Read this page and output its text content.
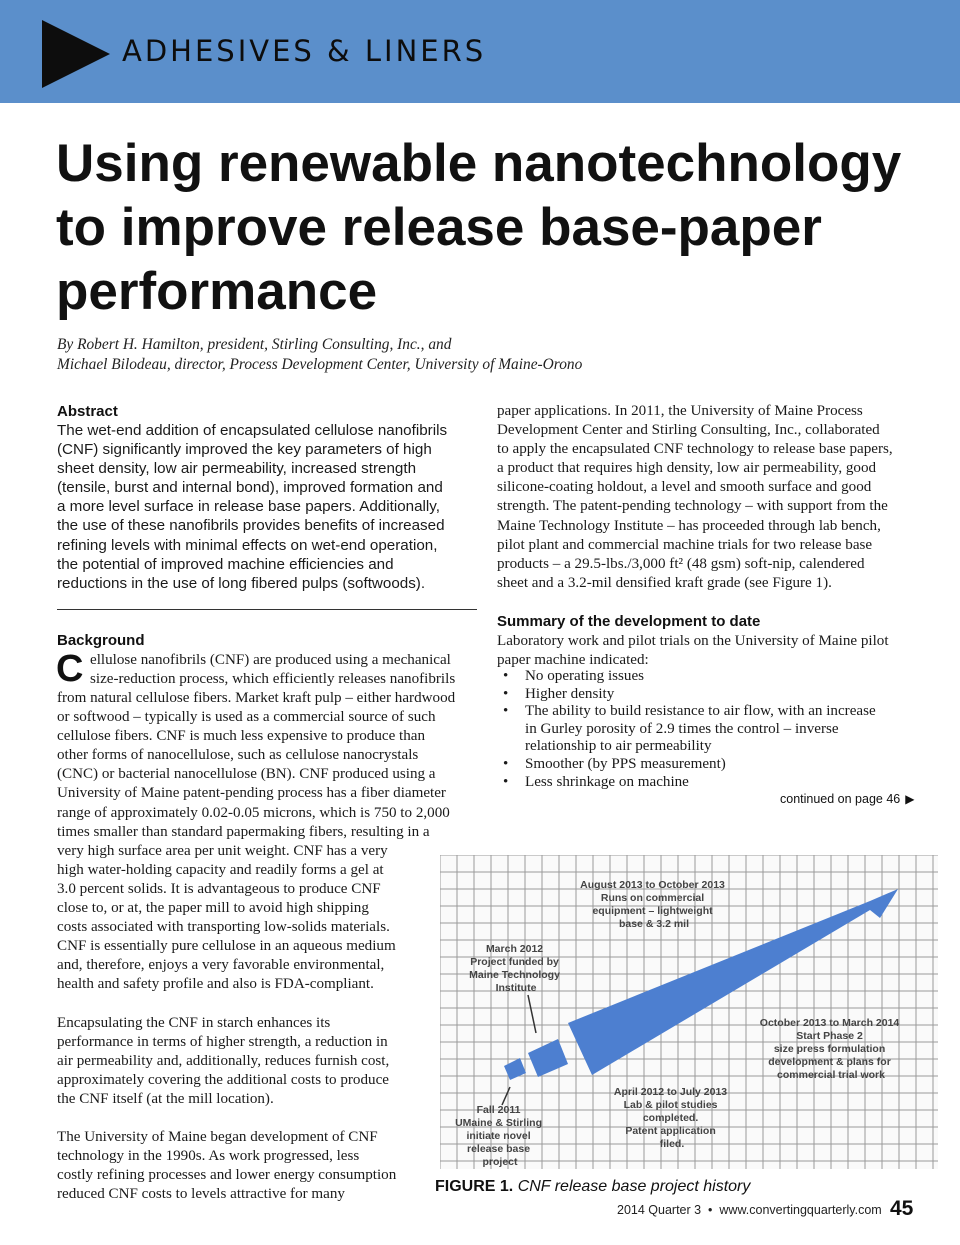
ADHESIVES & LINERS
Using renewable nanotechnology
to improve release base-paper
performance
By Robert H. Hamilton, president, Stirling Consulting, Inc., and
Michael Bilodeau, director, Process Development Center, University of Maine-Orono
Abstract
The wet-end addition of encapsulated cellulose nanofibrils
(CNF) significantly improved the key parameters of high
sheet density, low air permeability, increased strength
(tensile, burst and internal bond), improved formation and
a more level surface in release base papers. Additionally,
the use of these nanofibrils provides benefits of increased
refining levels with minimal effects on wet-end operation,
the potential of improved machine efficiencies and
reductions in the use of long fibered pulps (softwoods).
Background
C ellulose nanofibrils (CNF) are produced using a mechanical
size-reduction process, which efficiently releases nanofibrils
from natural cellulose fibers. Market kraft pulp – either hardwood
or softwood – typically is used as a commercial source of such
cellulose fibers. CNF is much less expensive to produce than
other forms of nanocellulose, such as cellulose nanocrystals
(CNC) or bacterial nanocellulose (BN). CNF produced using a
University of Maine patent-pending process has a fiber diameter
range of approximately 0.02-0.05 microns, which is 750 to 2,000
times smaller than standard papermaking fibers, resulting in a
very high surface area per unit weight. CNF has a very
high water-holding capacity and readily forms a gel at
3.0 percent solids. It is advantageous to produce CNF
close to, or at, the paper mill to avoid high shipping
costs associated with transporting low-solids materials.
CNF is essentially pure cellulose in an aqueous medium
and, therefore, enjoys a very favorable environmental,
health and safety profile and also is FDA-compliant.
Encapsulating the CNF in starch enhances its
performance in terms of higher strength, a reduction in
air permeability and, additionally, reduces furnish cost,
approximately covering the additional costs to produce
the CNF itself (at the mill location).
The University of Maine began development of CNF
technology in the 1990s. As work progressed, less
costly refining processes and lower energy consumption
reduced CNF costs to levels attractive for many
paper applications. In 2011, the University of Maine Process
Development Center and Stirling Consulting, Inc., collaborated
to apply the encapsulated CNF technology to release base papers,
a product that requires high density, low air permeability, good
silicone-coating holdout, a level and smooth surface and good
strength. The patent-pending technology – with support from the
Maine Technology Institute – has proceeded through lab bench,
pilot plant and commercial machine trials for two release base
products – a 29.5-lbs./3,000 ft² (48 gsm) soft-nip, calendered
sheet and a 3.2-mil densified kraft grade (see Figure 1).
Summary of the development to date
Laboratory work and pilot trials on the University of Maine pilot
paper machine indicated:
• No operating issues
• Higher density
• The ability to build resistance to air flow, with an increase
in Gurley porosity of 2.9 times the control – inverse
relationship to air permeability
• Smoother (by PPS measurement)
• Less shrinkage on machine
continued on page 46 ▶
Fall 2011 UMaine & Stirling initiate novel release base project
March 2012 Project funded by Maine Technology Institute
April 2012 to July 2013 Lab & pilot studies completed. Patent application filed.
August 2013 to October 2013 Runs on commercial equipment – lightweight base & 3.2 mil
October 2013 to March 2014 Start Phase 2 size press formulation development & plans for commercial trial work
FIGURE 1. CNF release base project history
2014 Quarter 3 • www.convertingquarterly.com 45
